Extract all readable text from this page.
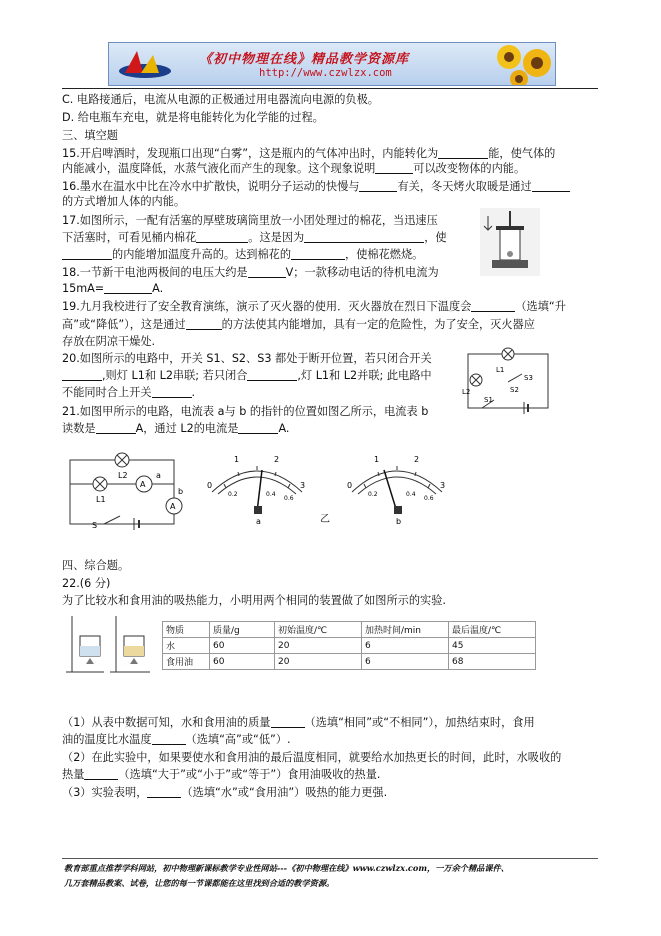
《初中物理在线》精品教学资源库
http://www.czwlzx.com
C. 电路接通后，电流从电源的正极通过用电器流向电源的负极。
D. 给电瓶车充电，就是将电能转化为化学能的过程。
三、填空题
15.开启啤酒时，发现瓶口出现“白雾”，这是瓶内的气体冲出时，内能转化为	能，使气体的
内能减小，温度降低，水蒸气液化而产生的现象。这个现象说明	可以改变物体的内能。
16.墨水在温水中比在冷水中扩散快，说明分子运动的快慢与	有关，冬天烤火取暖是通过
的方式增加人体的内能。
17.如图所示，一配有活塞的厚壁玻璃筒里放一小团处理过的棉花，当迅速压
下活塞时，可看见桶内棉花	。这是因为	，使
的内能增加温度升高的。达到棉花的	，使棉花燃烧。
18.一节新干电池两极间的电压大约是	V；一款移动电话的待机电流为
15mA=	A.
19.九月我校进行了安全教育演练，演示了灭火器的使用．灭火器放在烈日下温度会	（选填“升
高”或“降低”），这是通过	的方法使其内能增加，具有一定的危险性，为了安全，灭火器应
存放在阴凉干燥处.
20.如图所示的电路中，开关 S1、S2、S3 都处于断开位置，若只闭合开关
,则灯 L1和 L2串联; 若只闭合	,灯 L1和 L2并联; 此电路中
不能同时合上开关	.
L1
S3
L2	S2
S1
21.如图甲所示的电路，电流表 a与 b 的指针的位置如图乙所示，电流表 b
读数是	A，通过 L2的电流是	A.
L2	a
A
L1
A
b
S
0
1	2
3
0.2	0.4
0.6
a	乙
0
1	2
3
0.2	0.4
0.6
b
四、综合题。
22.(6 分)
为了比较水和食用油的吸热能力，小明用两个相同的装置做了如图所示的实验.
物质	质量/g	初始温度/℃	加热时间/min	最后温度/℃
水	60	20	6	45
食用油	60	20	6	68
（1）从表中数据可知，水和食用油的质量	（选填“相同”或“不相同”），加热结束时，食用
油的温度比水温度	（选填“高”或“低”）.
（2）在此实验中，如果要使水和食用油的最后温度相同，就要给水加热更长的时间，此时，水吸收的
热量	（选填“大于”或“小于”或“等于”）食用油吸收的热量.
（3）实验表明，	（选填“水”或“食用油”）吸热的能力更强.
教育部重点推荐学科网站，初中物理新课标教学专业性网站---《初中物理在线》www.czwlzx.com，一万余个精品课件、
几万套精品教案、试卷，让您的每一节课都能在这里找到合适的教学资源。
